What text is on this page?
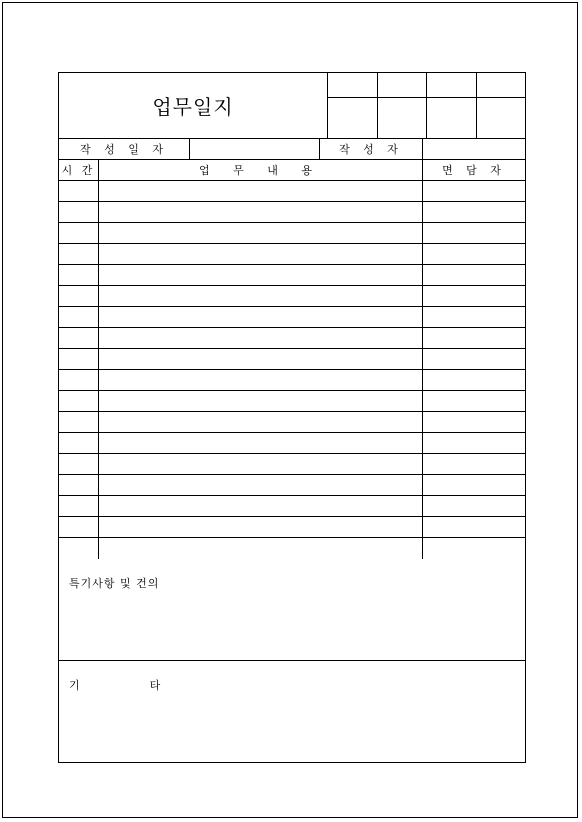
업무일지
작 성 일 자	작 성 자
시 간	업 무 내 용	면 담 자
특기사항 및 건의
기	타
